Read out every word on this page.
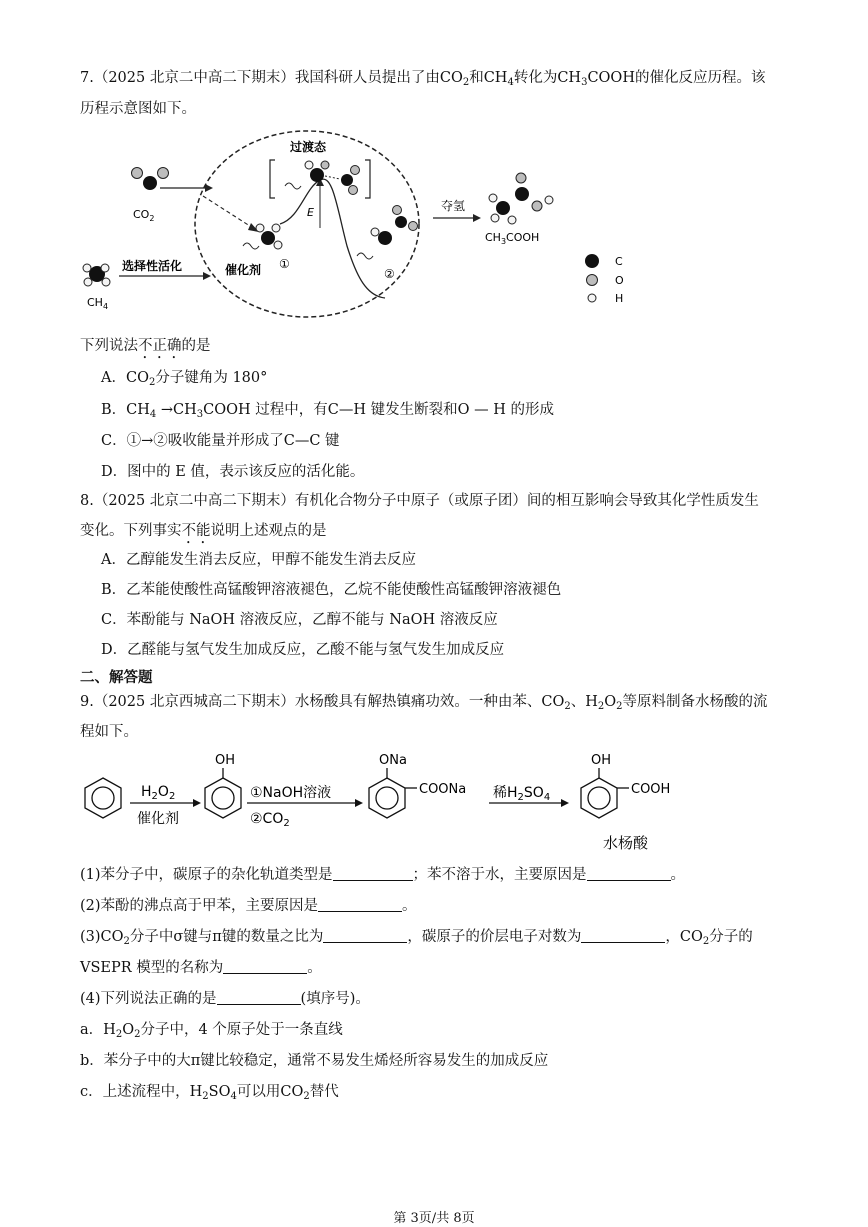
7.（2025 北京二中高二下期末）我国科研人员提出了由$CO_2$和$CH_4$转化为$CH_3COOH$的催化反应历程。该
历程示意图如下。
$CO_2$
$CH_4$
选择性活化	催化剂 ①
E
过渡态
②
夺氢
$CH_3COOH$
C
O
H
下列说法不正确的是
A．$CO_2$分子键角为 180°
B．$CH_4$ $\to CH_3COOH$ 过程中，有C—H 键发生断裂和O — H 的形成
C．①→②吸收能量并形成了C—C 键
D．图中的 E 值，表示该反应的活化能。
8.（2025 北京二中高二下期末）有机化合物分子中原子（或原子团）间的相互影响会导致其化学性质发生
变化。下列事实不能说明上述观点的是
A．乙醇能发生消去反应，甲醇不能发生消去反应
B．乙苯能使酸性高锰酸钾溶液褪色，乙烷不能使酸性高锰酸钾溶液褪色
C．苯酚能与 NaOH 溶液反应，乙醇不能与 NaOH 溶液反应
D．乙醛能与氢气发生加成反应，乙酸不能与氢气发生加成反应
二、解答题
9.（2025 北京西城高二下期末）水杨酸具有解热镇痛功效。一种由苯、$CO_2$、$H_2O_2$等原料制备水杨酸的流
程如下。
$H_2O_2$
催化剂
OH
①NaOH溶液
$②CO_2$
ONa
COONa 稀$H_2SO_4$
OH
COOH
水杨酸
(1)苯分子中，碳原子的杂化轨道类型是	；苯不溶于水，主要原因是	。
(2)苯酚的沸点高于甲苯，主要原因是	。
$(3)CO_2$分子中σ键与π键的数量之比为	，碳原子的价层电子对数为	，$CO_2$分子的
VSEPR 模型的名称为	。
(4)下列说法正确的是	(填序号)。
a．$H_2O_2$分子中，4 个原子处于一条直线
b．苯分子中的大π键比较稳定，通常不易发生烯烃所容易发生的加成反应
c．上述流程中，$H_2SO_4$可以用$CO_2$替代
第 3页/共 8页
